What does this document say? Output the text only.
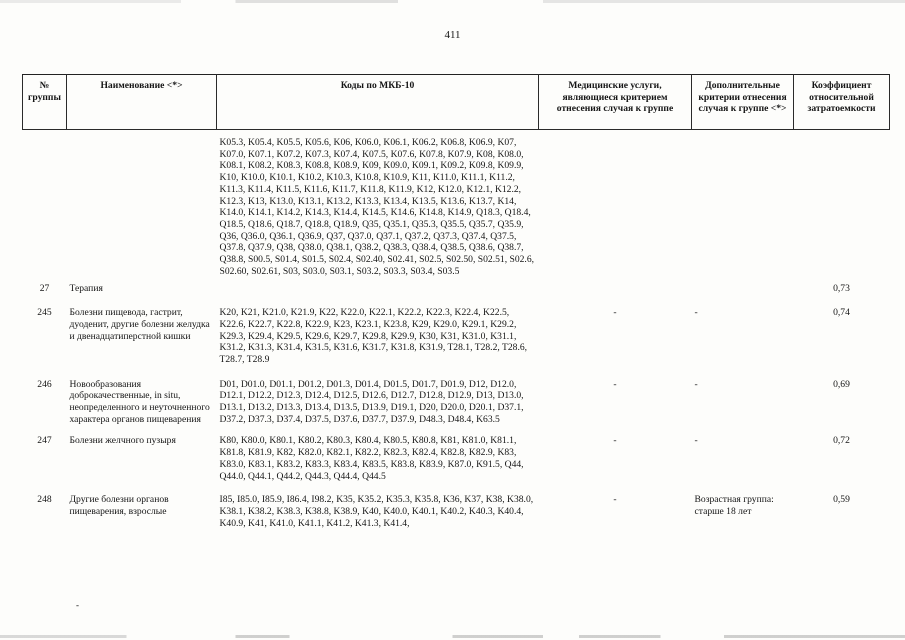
411
№ группы	Наименование <*>	Коды по МКБ-10	Медицинские услуги, являющиеся критерием отнесения случая к группе	Дополнительные критерии отнесения случая к группе <*>	Коэффициент относительной затратоемкости
		K05.3, K05.4, K05.5, K05.6, K06, K06.0, K06.1, K06.2, K06.8, K06.9, K07, K07.0, K07.1, K07.2, K07.3, K07.4, K07.5, K07.6, K07.8, K07.9, K08, K08.0, K08.1, K08.2, K08.3, K08.8, K08.9, K09, K09.0, K09.1, K09.2, K09.8, K09.9, K10, K10.0, K10.1, K10.2, K10.3, K10.8, K10.9, K11, K11.0, K11.1, K11.2, K11.3, K11.4, K11.5, K11.6, K11.7, K11.8, K11.9, K12, K12.0, K12.1, K12.2, K12.3, K13, K13.0, K13.1, K13.2, K13.3, K13.4, K13.5, K13.6, K13.7, K14, K14.0, K14.1, K14.2, K14.3, K14.4, K14.5, K14.6, K14.8, K14.9, Q18.3, Q18.4, Q18.5, Q18.6, Q18.7, Q18.8, Q18.9, Q35, Q35.1, Q35.3, Q35.5, Q35.7, Q35.9, Q36, Q36.0, Q36.1, Q36.9, Q37, Q37.0, Q37.1, Q37.2, Q37.3, Q37.4, Q37.5, Q37.8, Q37.9, Q38, Q38.0, Q38.1, Q38.2, Q38.3, Q38.4, Q38.5, Q38.6, Q38.7, Q38.8, S00.5, S01.4, S01.5, S02.4, S02.40, S02.41, S02.5, S02.50, S02.51, S02.6, S02.60, S02.61, S03, S03.0, S03.1, S03.2, S03.3, S03.4, S03.5			
27	Терапия				0,73
245	Болезни пищевода, гастрит, дуоденит, другие болезни желудка и двенадцатиперстной кишки	K20, K21, K21.0, K21.9, K22, K22.0, K22.1, K22.2, K22.3, K22.4, K22.5, K22.6, K22.7, K22.8, K22.9, K23, K23.1, K23.8, K29, K29.0, K29.1, K29.2, K29.3, K29.4, K29.5, K29.6, K29.7, K29.8, K29.9, K30, K31, K31.0, K31.1, K31.2, K31.3, K31.4, K31.5, K31.6, K31.7, K31.8, K31.9, T28.1, T28.2, T28.6, T28.7, T28.9	-	-	0,74
246	Новообразования доброкачественные, in situ, неопределенного и неуточненного характера органов пищеварения	D01, D01.0, D01.1, D01.2, D01.3, D01.4, D01.5, D01.7, D01.9, D12, D12.0, D12.1, D12.2, D12.3, D12.4, D12.5, D12.6, D12.7, D12.8, D12.9, D13, D13.0, D13.1, D13.2, D13.3, D13.4, D13.5, D13.9, D19.1, D20, D20.0, D20.1, D37.1, D37.2, D37.3, D37.4, D37.5, D37.6, D37.7, D37.9, D48.3, D48.4, K63.5	-	-	0,69
247	Болезни желчного пузыря	K80, K80.0, K80.1, K80.2, K80.3, K80.4, K80.5, K80.8, K81, K81.0, K81.1, K81.8, K81.9, K82, K82.0, K82.1, K82.2, K82.3, K82.4, K82.8, K82.9, K83, K83.0, K83.1, K83.2, K83.3, K83.4, K83.5, K83.8, K83.9, K87.0, K91.5, Q44, Q44.0, Q44.1, Q44.2, Q44.3, Q44.4, Q44.5	-	-	0,72
248	Другие болезни органов пищеварения, взрослые	I85, I85.0, I85.9, I86.4, I98.2, K35, K35.2, K35.3, K35.8, K36, K37, K38, K38.0, K38.1, K38.2, K38.3, K38.8, K38.9, K40, K40.0, K40.1, K40.2, K40.3, K40.4, K40.9, K41, K41.0, K41.1, K41.2, K41.3, K41.4,	-	Возрастная группа: старше 18 лет	0,59
-
